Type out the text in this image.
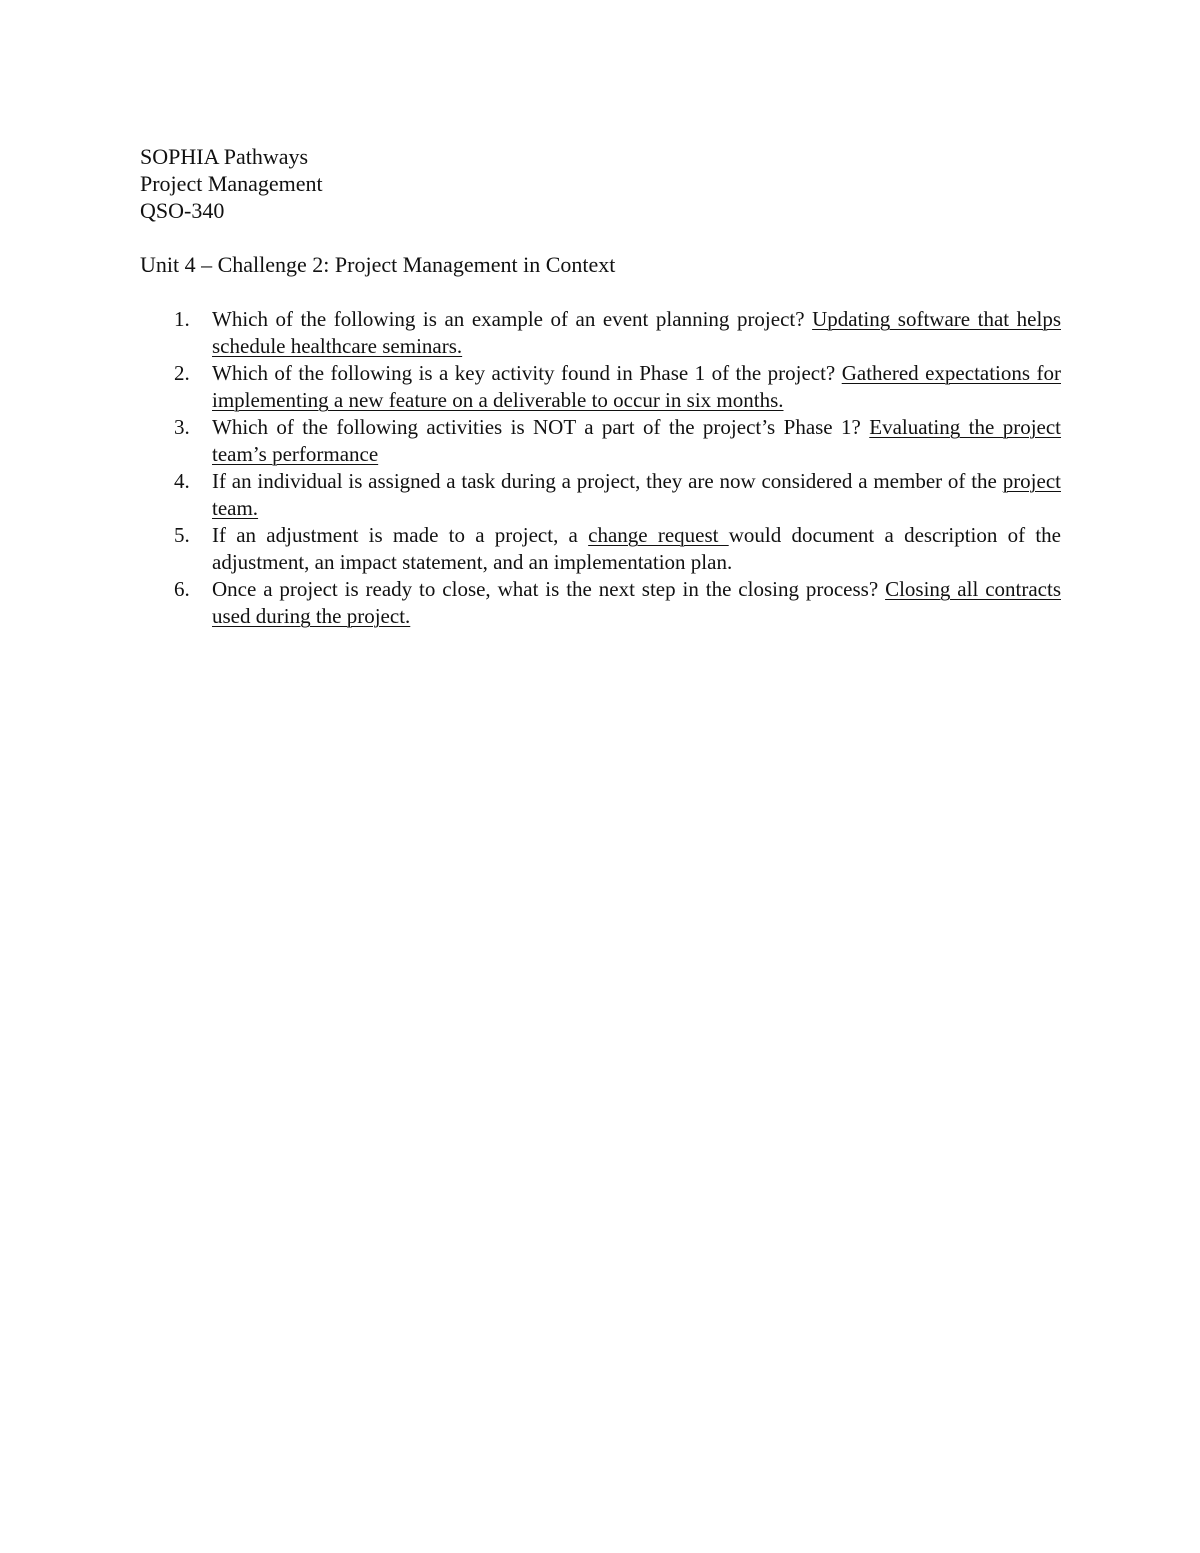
SOPHIA Pathways
Project Management
QSO-340
Unit 4 – Challenge 2: Project Management in Context
1. Which of the following is an example of an event planning project? Updating software that helps schedule healthcare seminars.
2. Which of the following is a key activity found in Phase 1 of the project? Gathered expectations for implementing a new feature on a deliverable to occur in six months.
3. Which of the following activities is NOT a part of the project’s Phase 1? Evaluating the project team’s performance
4. If an individual is assigned a task during a project, they are now considered a member of the project team.
5. If an adjustment is made to a project, a change request would document a description of the adjustment, an impact statement, and an implementation plan.
6. Once a project is ready to close, what is the next step in the closing process? Closing all contracts used during the project.
